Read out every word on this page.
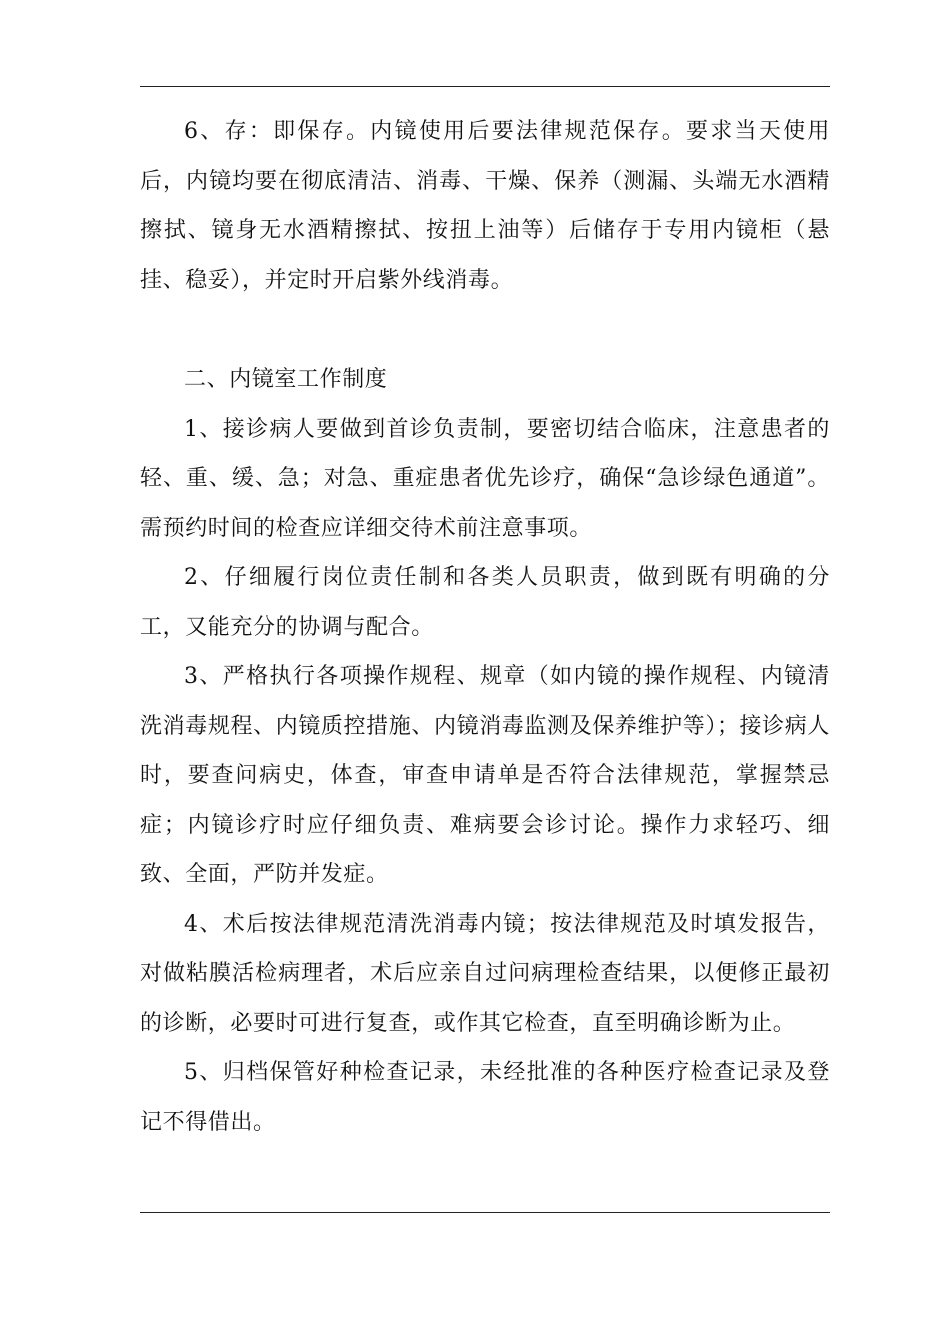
6、存：即保存。内镜使用后要法律规范保存。要求当天使用后，内镜均要在彻底清洁、消毒、干燥、保养（测漏、头端无水酒精擦拭、镜身无水酒精擦拭、按扭上油等）后储存于专用内镜柜（悬挂、稳妥），并定时开启紫外线消毒。

二、内镜室工作制度

1、接诊病人要做到首诊负责制，要密切结合临床，注意患者的轻、重、缓、急；对急、重症患者优先诊疗，确保“急诊绿色通道”。需预约时间的检查应详细交待术前注意事项。

2、仔细履行岗位责任制和各类人员职责，做到既有明确的分工，又能充分的协调与配合。

3、严格执行各项操作规程、规章（如内镜的操作规程、内镜清洗消毒规程、内镜质控措施、内镜消毒监测及保养维护等）；接诊病人时，要查问病史，体查，审查申请单是否符合法律规范，掌握禁忌症；内镜诊疗时应仔细负责、难病要会诊讨论。操作力求轻巧、细致、全面，严防并发症。

4、术后按法律规范清洗消毒内镜；按法律规范及时填发报告，对做粘膜活检病理者，术后应亲自过问病理检查结果，以便修正最初的诊断，必要时可进行复查，或作其它检查，直至明确诊断为止。

5、归档保管好种检查记录，未经批准的各种医疗检查记录及登记不得借出。
